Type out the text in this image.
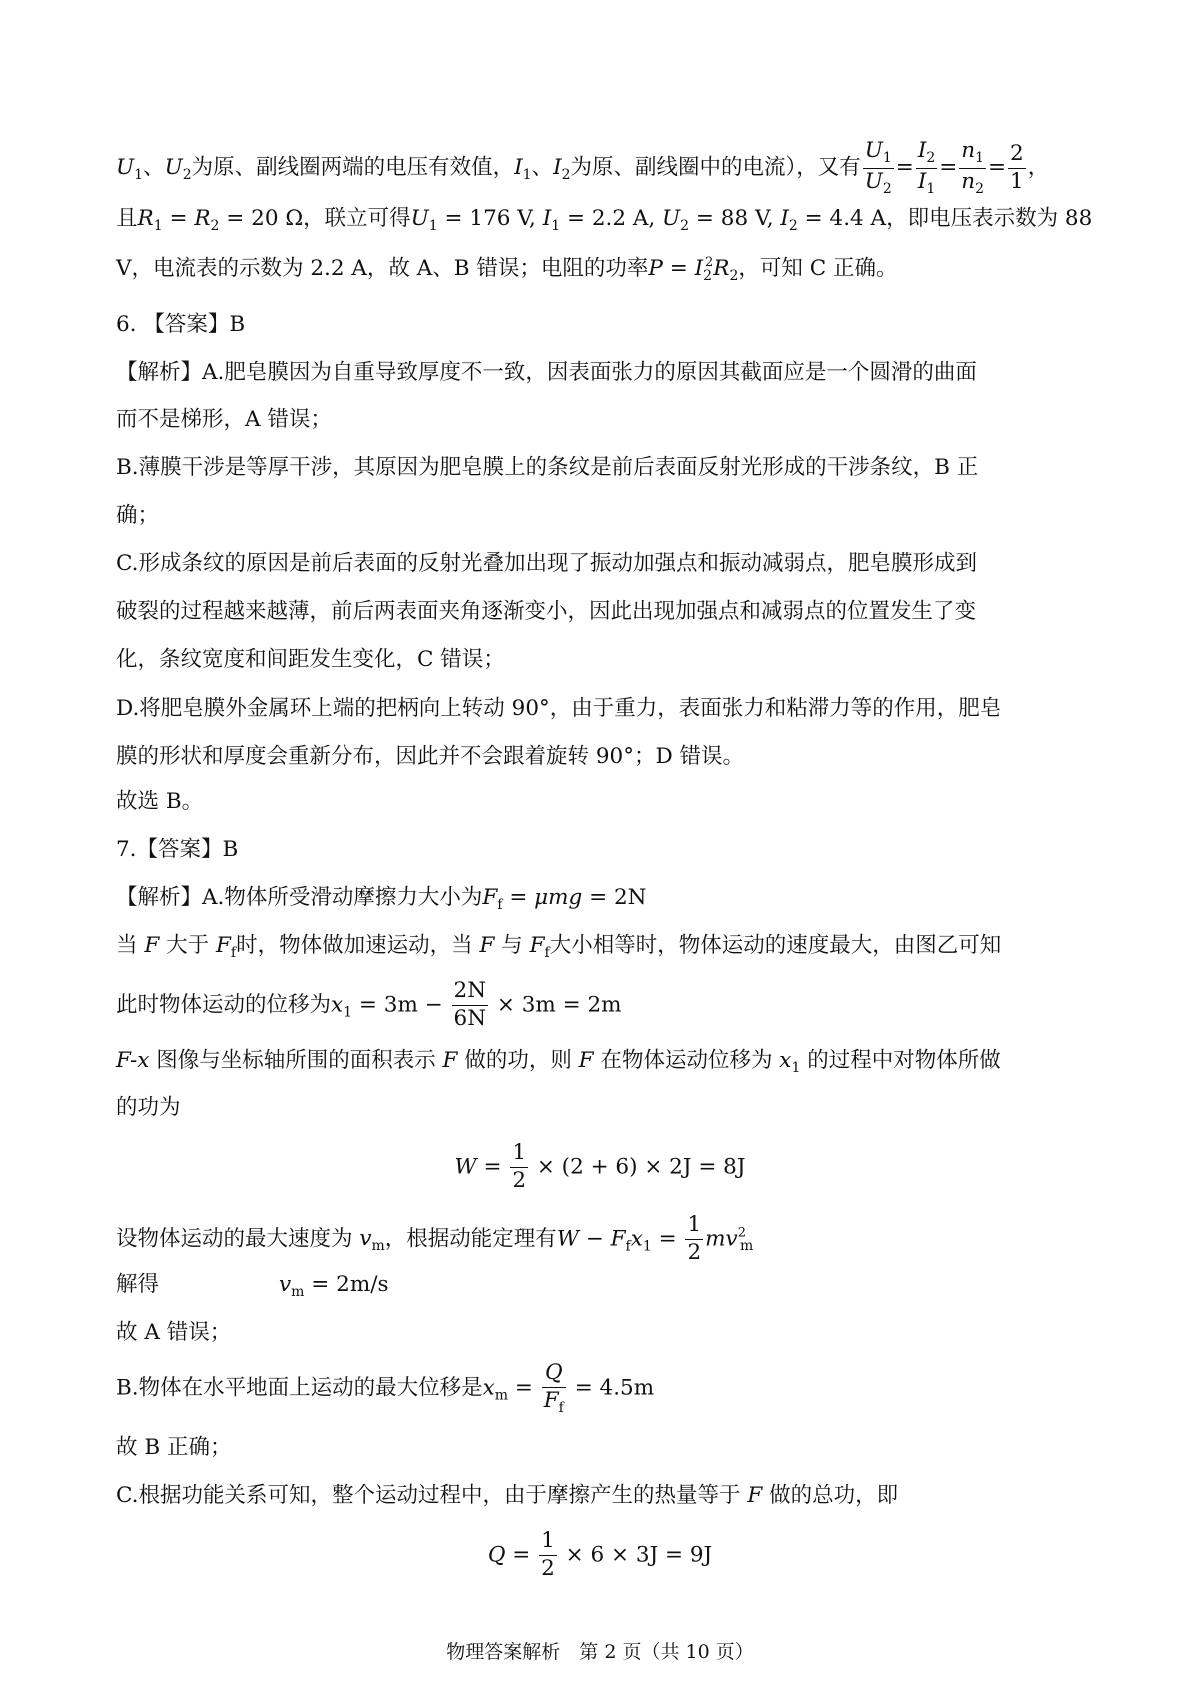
$U_1$、$U_2$为原、副线圈两端的电压有效值，$I_1$、$I_2$为原、副线圈中的电流），又有 $\frac{U_1}{U_2} = \frac{I_2}{I_1} = \frac{n_1}{n_2} = \frac{2}{1}$ ，
且$R_1 = R_2 = 20$ Ω，联立可得$U_1 = 176$ V, $I_1 = 2.2$ A, $U_2 = 88$ V, $I_2 = 4.4$ A，即电压表示数为 88
V，电流表的示数为 2.2 A，故 A、B 错误；电阻的功率$P = I_2^2R_2$，可知 C 正确。
6. 【答案】B
【解析】A.肥皂膜因为自重导致厚度不一致，因表面张力的原因其截面应是一个圆滑的曲面
而不是梯形，A 错误；
B.薄膜干涉是等厚干涉，其原因为肥皂膜上的条纹是前后表面反射光形成的干涉条纹，B 正
确；
C.形成条纹的原因是前后表面的反射光叠加出现了振动加强点和振动减弱点，肥皂膜形成到
破裂的过程越来越薄，前后两表面夹角逐渐变小，因此出现加强点和减弱点的位置发生了变
化，条纹宽度和间距发生变化，C 错误；
D.将肥皂膜外金属环上端的把柄向上转动 90°，由于重力，表面张力和粘滞力等的作用，肥皂
膜的形状和厚度会重新分布，因此并不会跟着旋转 90°；D 错误。
故选 B。
7.【答案】B
【解析】A.物体所受滑动摩擦力大小为$F_f = \mu mg = 2N$
当 F 大于 $F_f$时，物体做加速运动，当 F 与 $F_f$大小相等时，物体运动的速度最大，由图乙可知
此时物体运动的位移为$x_1 = 3m - \frac{2N}{6N} \times 3m = 2m$
F-x 图像与坐标轴所围的面积表示 F 做的功，则 F 在物体运动位移为 $x_1$ 的过程中对物体所做
的功为
$W = \frac{1}{2} \times (2 + 6) \times 2J = 8J$
设物体运动的最大速度为 $v_m$，根据动能定理有$W - F_fx_1 = \frac{1}{2} mv^2_m$
解得	$v_m = 2m/s$
故 A 错误；
B.物体在水平地面上运动的最大位移是$x_m = \frac{Q}{F_f} = 4.5m$
故 B 正确；
C.根据功能关系可知，整个运动过程中，由于摩擦产生的热量等于 F 做的总功，即
$Q = \frac{1}{2} \times 6 \times 3J = 9J$
物理答案解析　第 2 页（共 10 页）
